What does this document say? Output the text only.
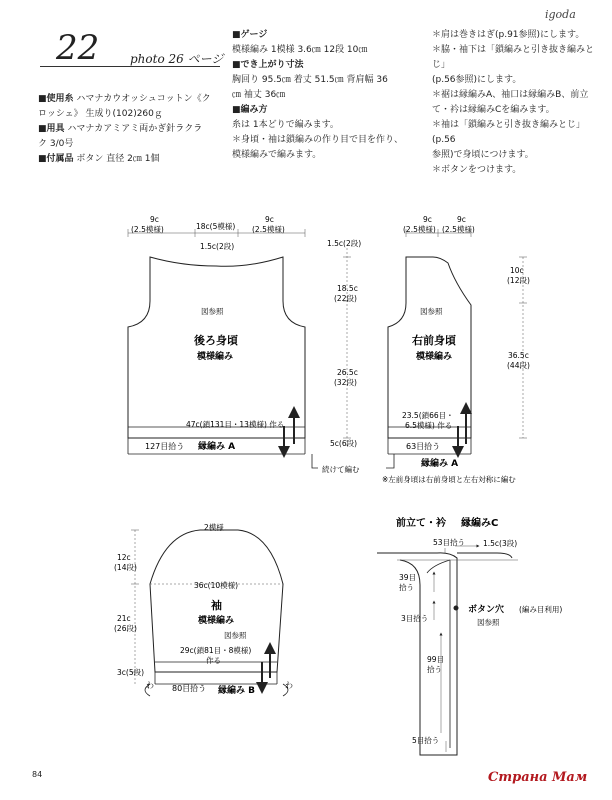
22	photo 26 ページ
igoda
■使用糸 ハマナカウオッシュコットン《ク
ロッシェ》 生成り(102)260ｇ
■用具 ハマナカアミアミ両かぎ針ラクラ
ク 3/0号
■付属品 ボタン 直径 2㎝ 1個
■ゲージ
模様編み 1模様 3.6㎝ 12段 10㎝
■でき上がり寸法
胸回り 95.5㎝ 着丈 51.5㎝ 背肩幅 36
㎝ 袖丈 36㎝
■編み方
糸は 1本どりで編みます。
＊身頃・袖は鎖編みの作り目で目を作り、
模様編みで編みます。
＊肩は巻きはぎ(p.91参照)にします。
＊脇・袖下は「鎖編みと引き抜き編みとじ」
(p.56参照)にします。
＊裾は縁編みA、袖口は縁編みB、前立
て・衿は縁編みCを編みます。
＊袖は「鎖編みと引き抜き編みとじ」(p.56
参照)で身頃につけます。
＊ボタンをつけます。
9c
(2.5模様)	18c(5模様)
9c
(2.5模様)
1.5c(2段)
図参照
後ろ身頃
模様編み
47c(鎖131目・13模様) 作る
127目拾う 縁編み A
1.5c(2段)
18.5c
(22段)
26.5c
(32段)
5c(6段)
続けて編む
9c
(2.5模様)
9c
(2.5模様)
図参照
右前身頃
模様編み
23.5(鎖66目・
6.5模様) 作る
63目拾う
縁編み A
10c
(12段)
36.5c
(44段)
※左前身頃は右前身頃と左右対称に編む
2模様
12c
(14段)
36c(10模様)
袖
模様編み
図参照
21c
(26段)
3c(5段)
29c(鎖81目・8模様)
作る
80目拾う 縁編み B
わ	わ
前立て・衿 縁編みC
53目拾う 1.5c(3段)
39目
拾う
3目拾う
ボタン穴 (編み目利用)
図参照
99目
拾う
5目拾う
84	Страна Мам
